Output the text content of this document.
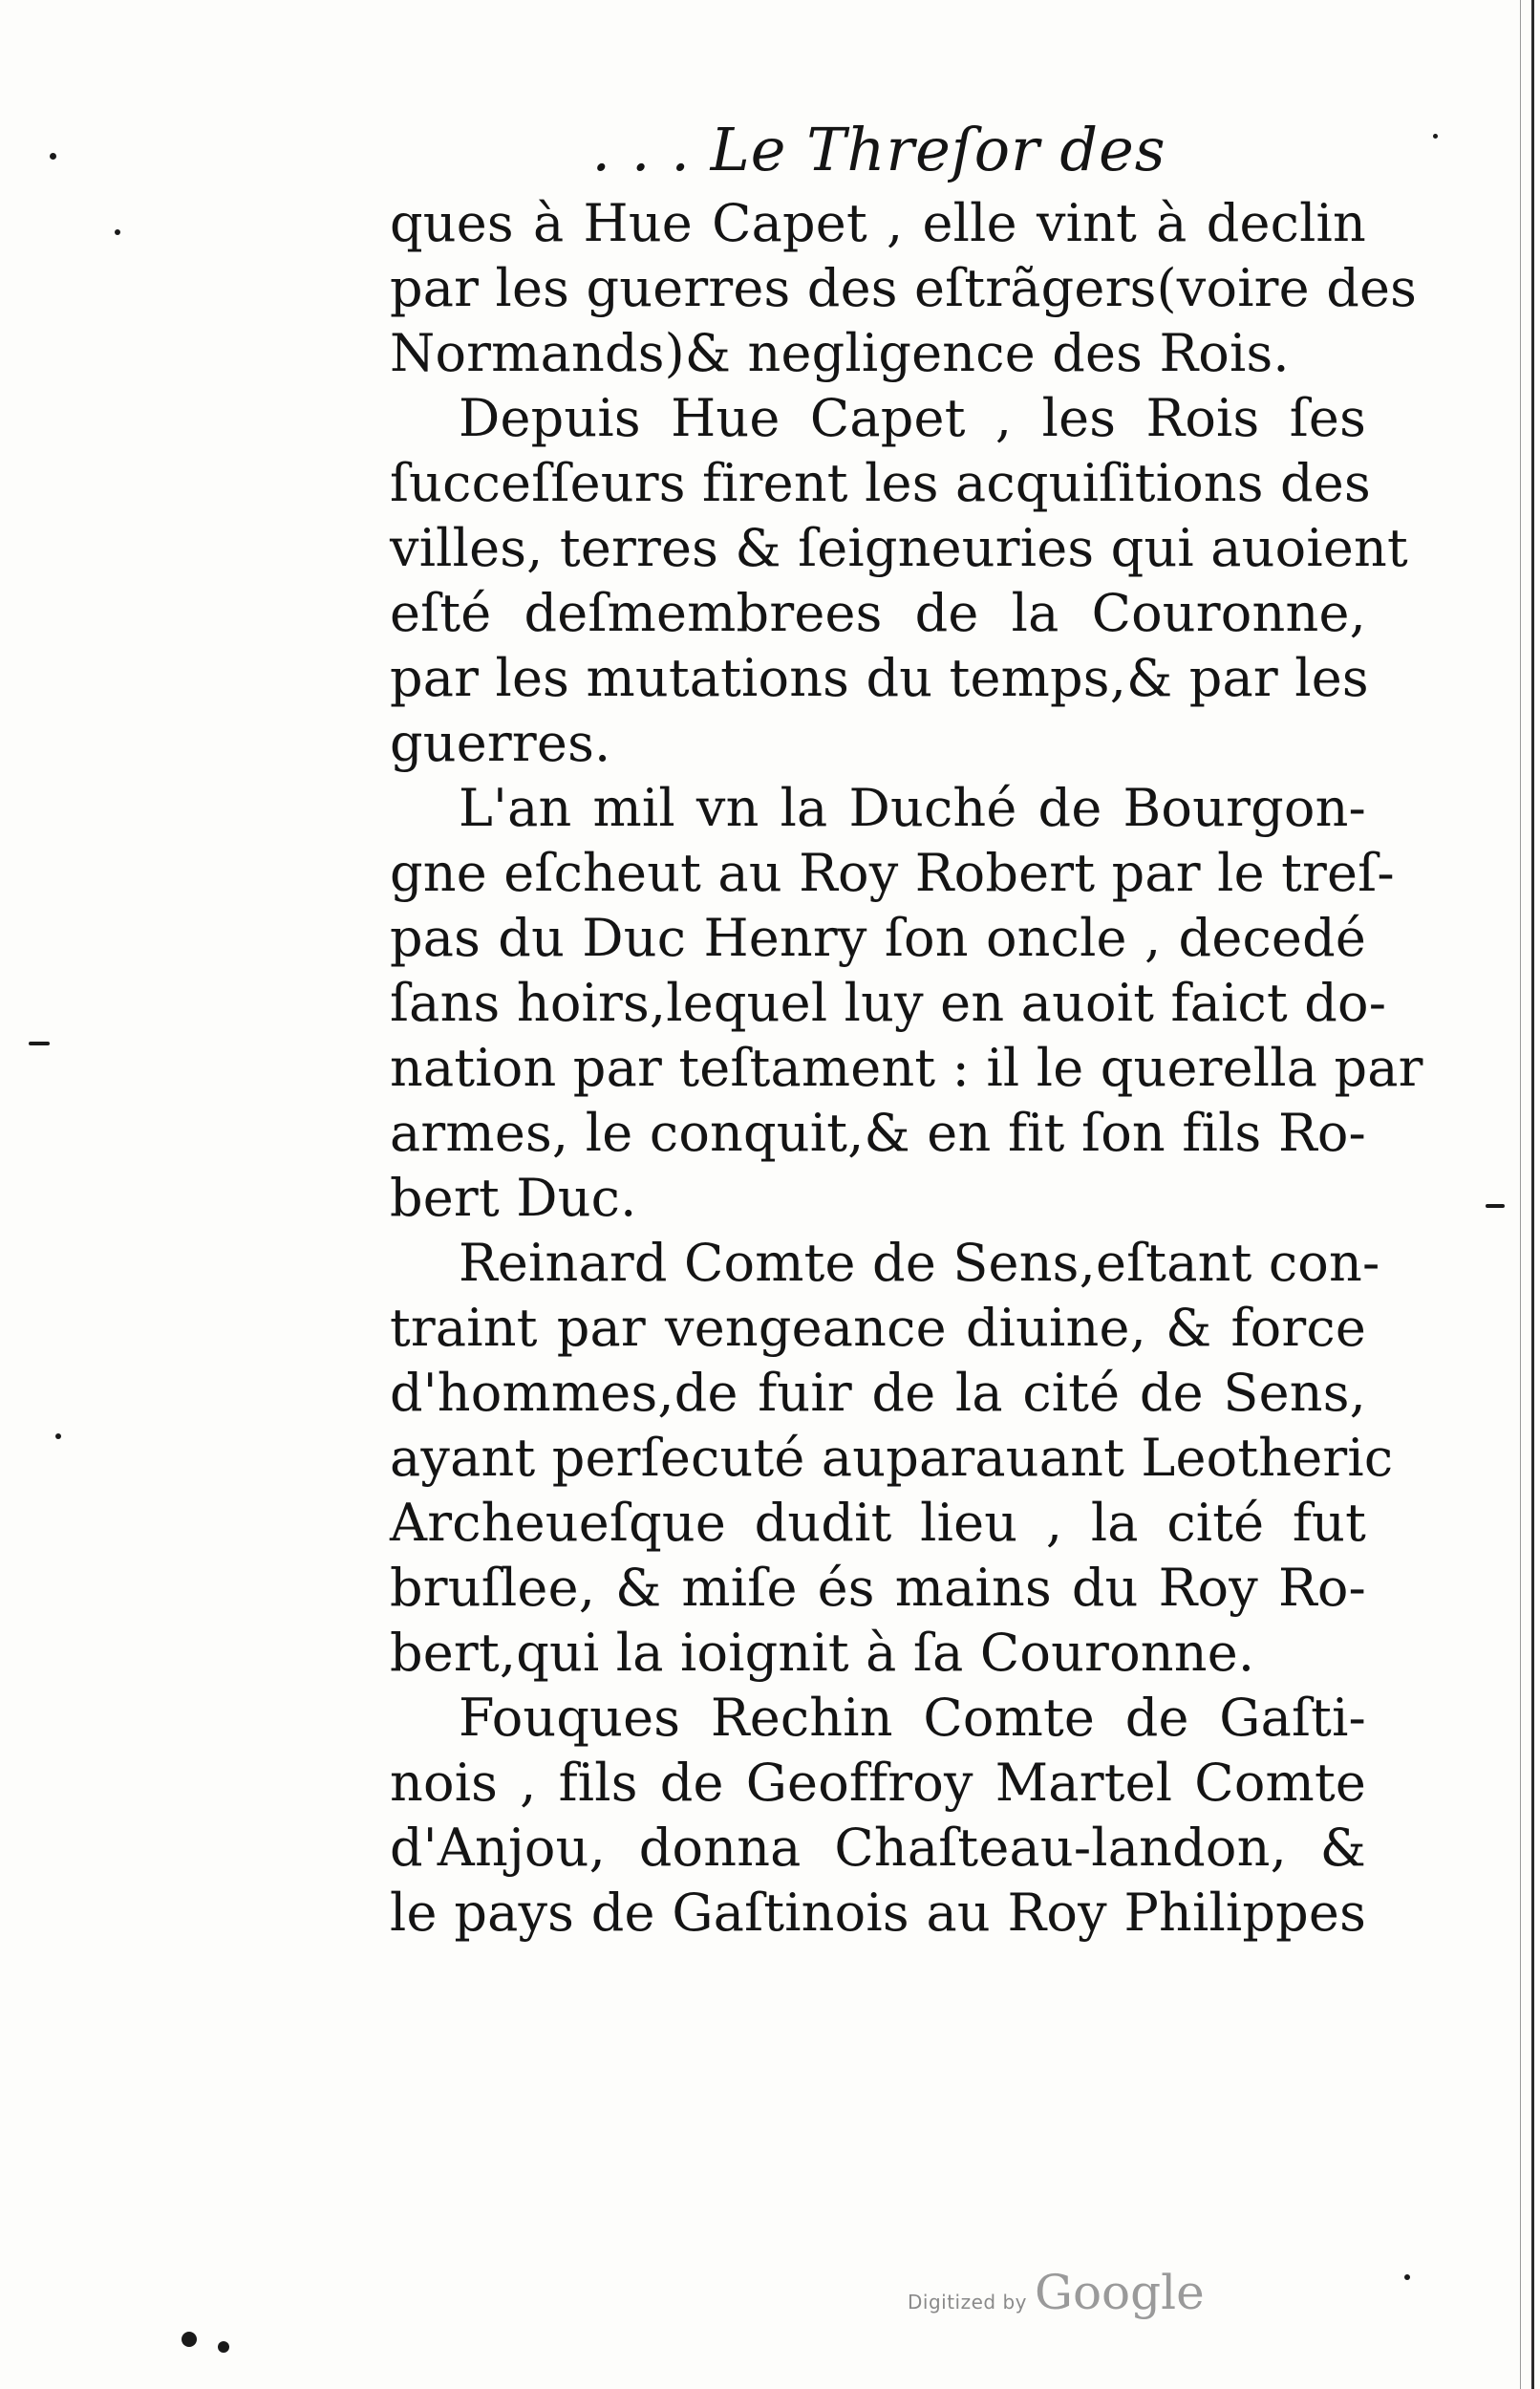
. . . Le Threſor des
ques à Hue Capet , elle vint à declin
par les guerres des eſtrãgers(voire des
Normands)& negligence des Rois.
Depuis Hue Capet , les Rois ſes
ſucceſſeurs firent les acquiſitions des
villes, terres & ſeigneuries qui auoient
eſté deſmembrees de la Couronne,
par les mutations du temps,& par les
guerres.
L'an mil vn la Duché de Bourgon-
gne eſcheut au Roy Robert par le treſ-
pas du Duc Henry ſon oncle , decedé
ſans hoirs,lequel luy en auoit faict do-
nation par teſtament : il le querella par
armes, le conquit,& en fit ſon fils Ro-
bert Duc.
Reinard Comte de Sens,eſtant con-
traint par vengeance diuine, & force
d'hommes,de fuir de la cité de Sens,
ayant perſecuté auparauant Leotheric
Archeueſque dudit lieu , la cité fut
bruſlee, & miſe és mains du Roy Ro-
bert,qui la ioignit à ſa Couronne.
Fouques Rechin Comte de Gaſti-
nois , fils de Geoffroy Martel Comte
d'Anjou, donna Chaſteau-landon, &
le pays de Gaſtinois au Roy Philippes
Digitized by Google
